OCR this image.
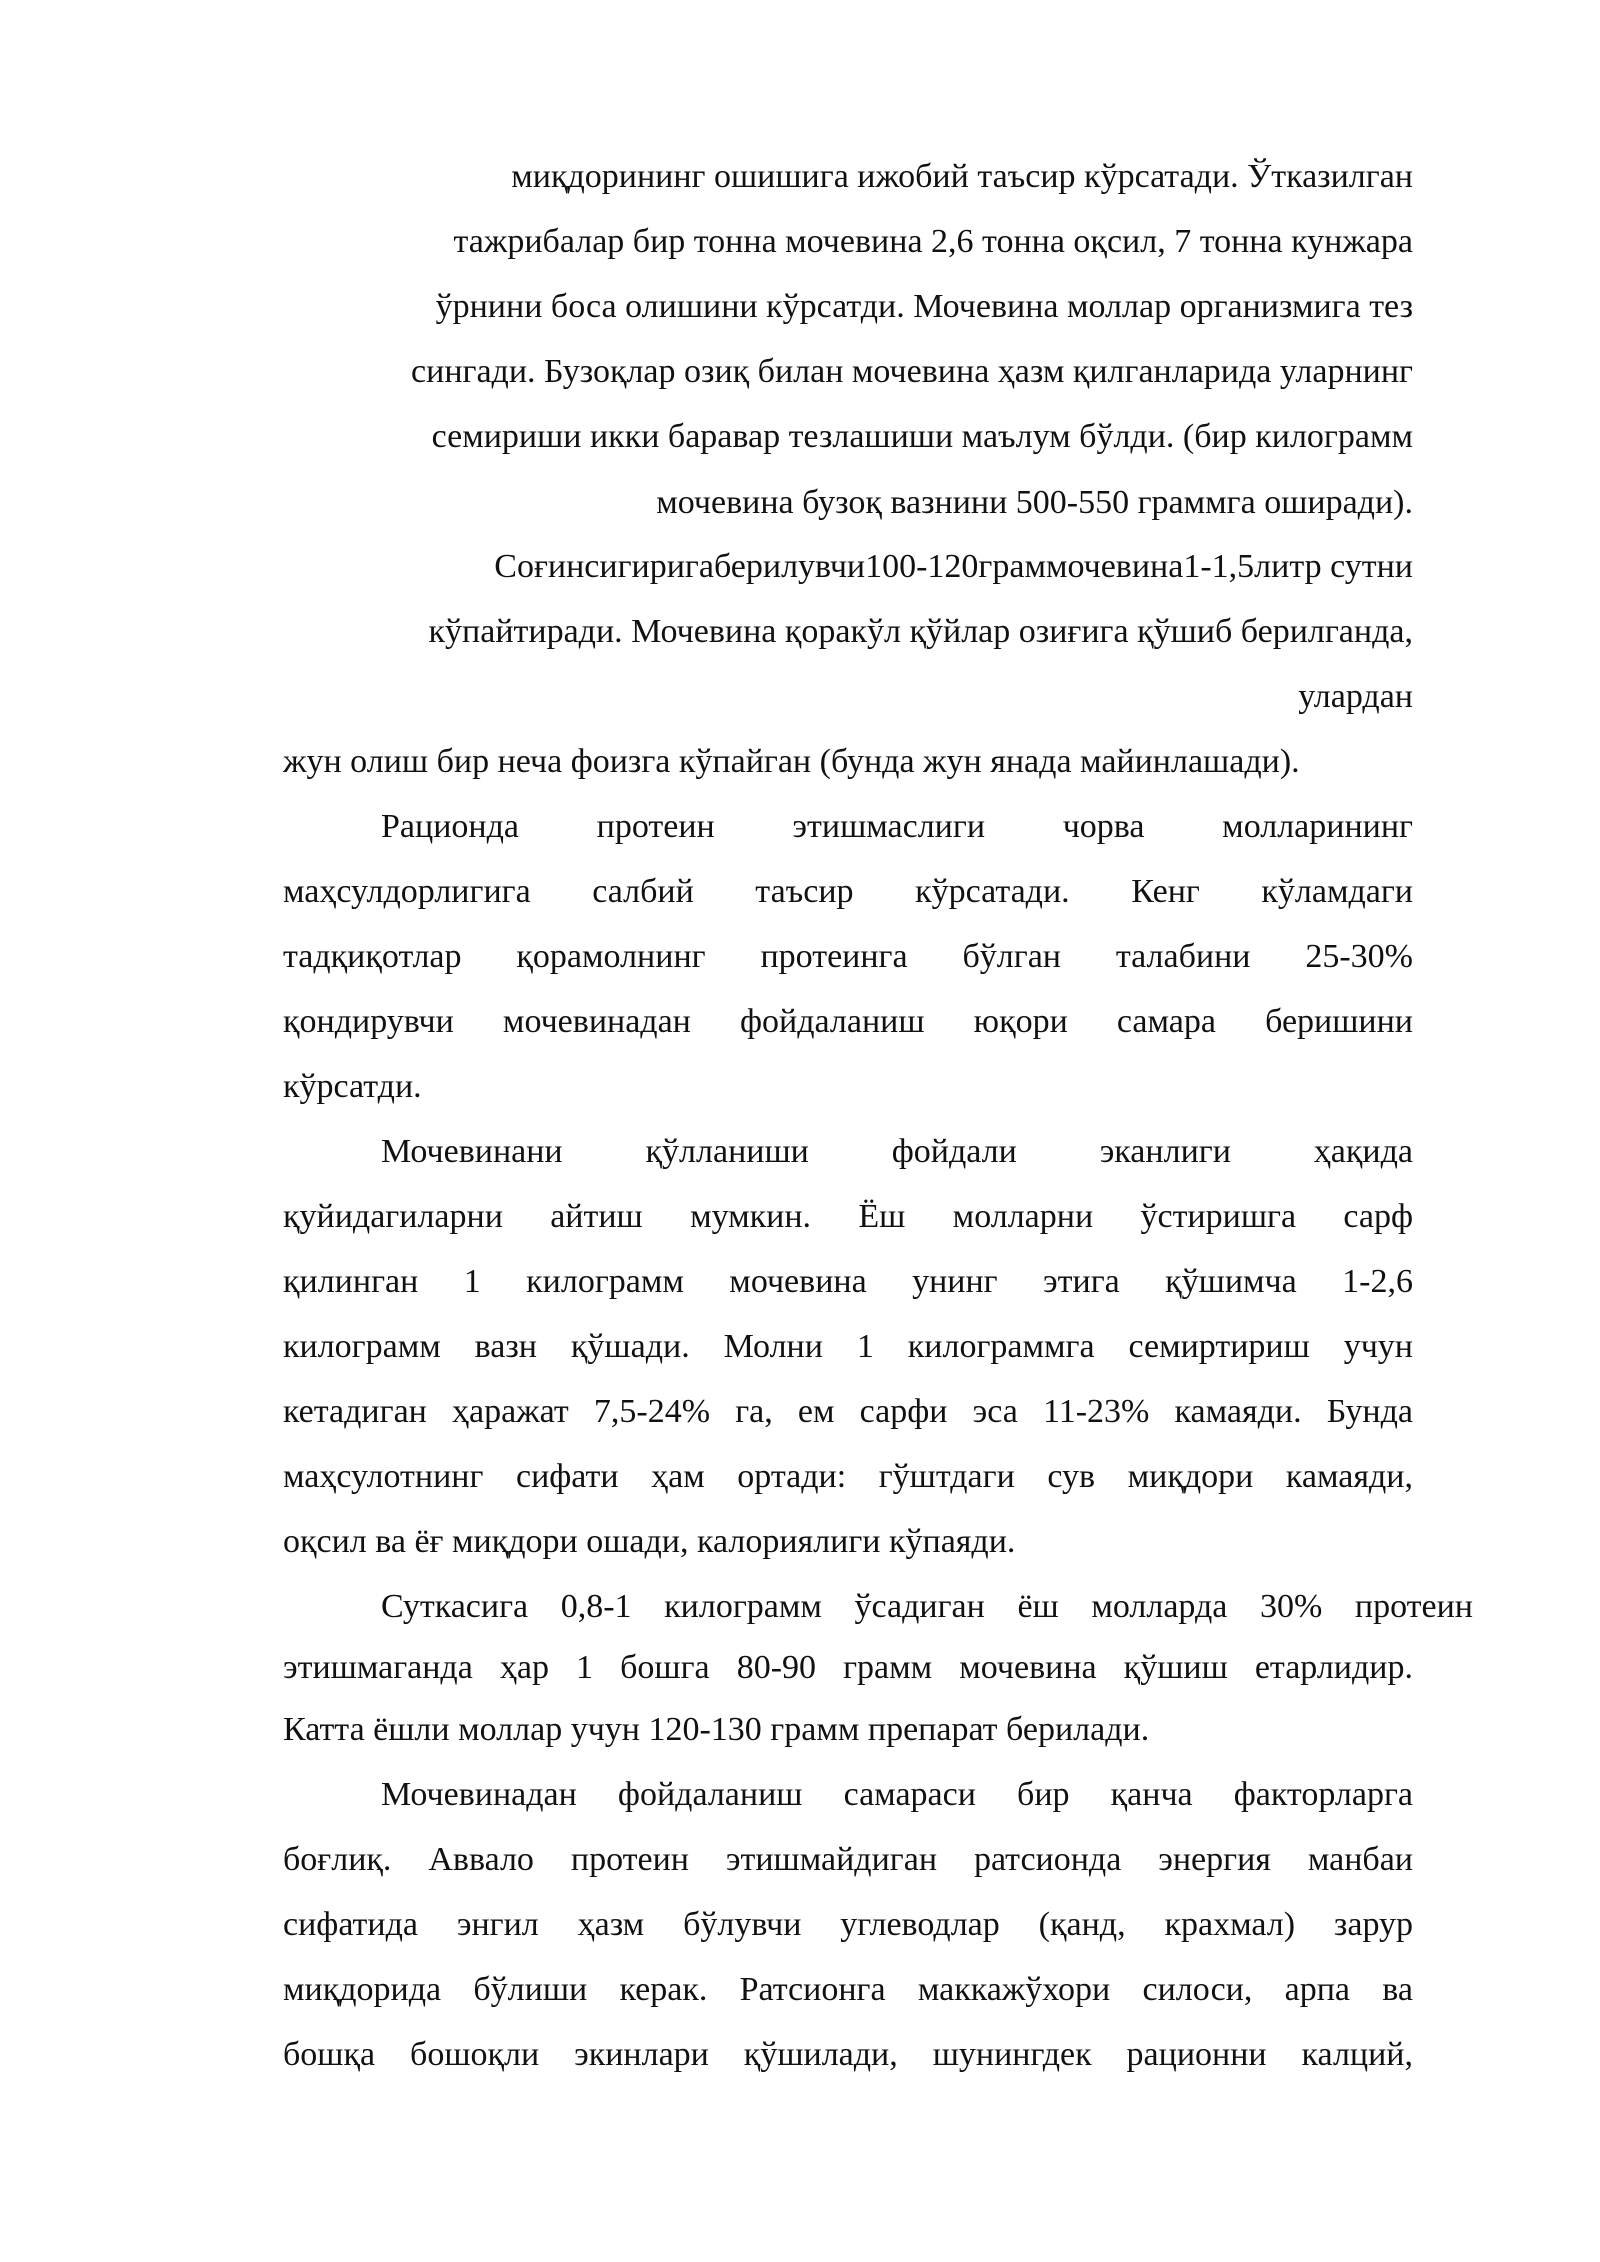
миқдорининг ошишига ижобий таъсир кўрсатади. Ўтказилган
тажрибалар бир тонна мочевина 2,6 тонна оқсил, 7 тонна кунжара
ўрнини боса олишини кўрсатди. Мочевина моллар организмига тез
сингади. Бузоқлар озиқ билан мочевина ҳазм қилганларида уларнинг
семириши икки баравар тезлашиши маълум бўлди. (бир килограмм
мочевина бузоқ вазнини 500-550 граммга оширади).
Соғинсигиригаберилувчи100-120граммочевина1-1,5литр сутни
кўпайтиради. Мочевина қоракўл қўйлар озиғига қўшиб берилганда,
улардан
жун олиш бир неча фоизга кўпайган (бунда жун янада майинлашади).
Рационда протеин этишмаслиги чорва молларининг
маҳсулдорлигига салбий таъсир кўрсатади. Кенг кўламдаги
тадқиқотлар қорамолнинг протеинга бўлган талабини 25-30%
қондирувчи мочевинадан фойдаланиш юқори самара беришини
кўрсатди.
Мочевинани қўлланиши фойдали эканлиги ҳақида
қуйидагиларни айтиш мумкин. Ёш молларни ўстиришга сарф
қилинган 1 килограмм мочевина унинг этига қўшимча 1-2,6
килограмм вазн қўшади. Молни 1 килограммга семиртириш учун
кетадиган ҳаражат 7,5-24% га, ем сарфи эса 11-23% камаяди. Бунда
маҳсулотнинг сифати ҳам ортади: гўштдаги сув миқдори камаяди,
оқсил ва ёғ миқдори ошади, калориялиги кўпаяди.
Суткасига 0,8-1 килограмм ўсадиган ёш молларда 30% протеин
этишмаганда ҳар 1 бошга 80-90 грамм мочевина қўшиш етарлидир.
Катта ёшли моллар учун 120-130 грамм препарат берилади.
Мочевинадан фойдаланиш самараси бир қанча факторларга
боғлиқ. Аввало протеин этишмайдиган ратсионда энергия манбаи
сифатида энгил ҳазм бўлувчи углеводлар (қанд, крахмал) зарур
миқдорида бўлиши керак. Ратсионга маккажўхори силоси, арпа ва
бошқа бошоқли экинлари қўшилади, шунингдек рационни калций,
